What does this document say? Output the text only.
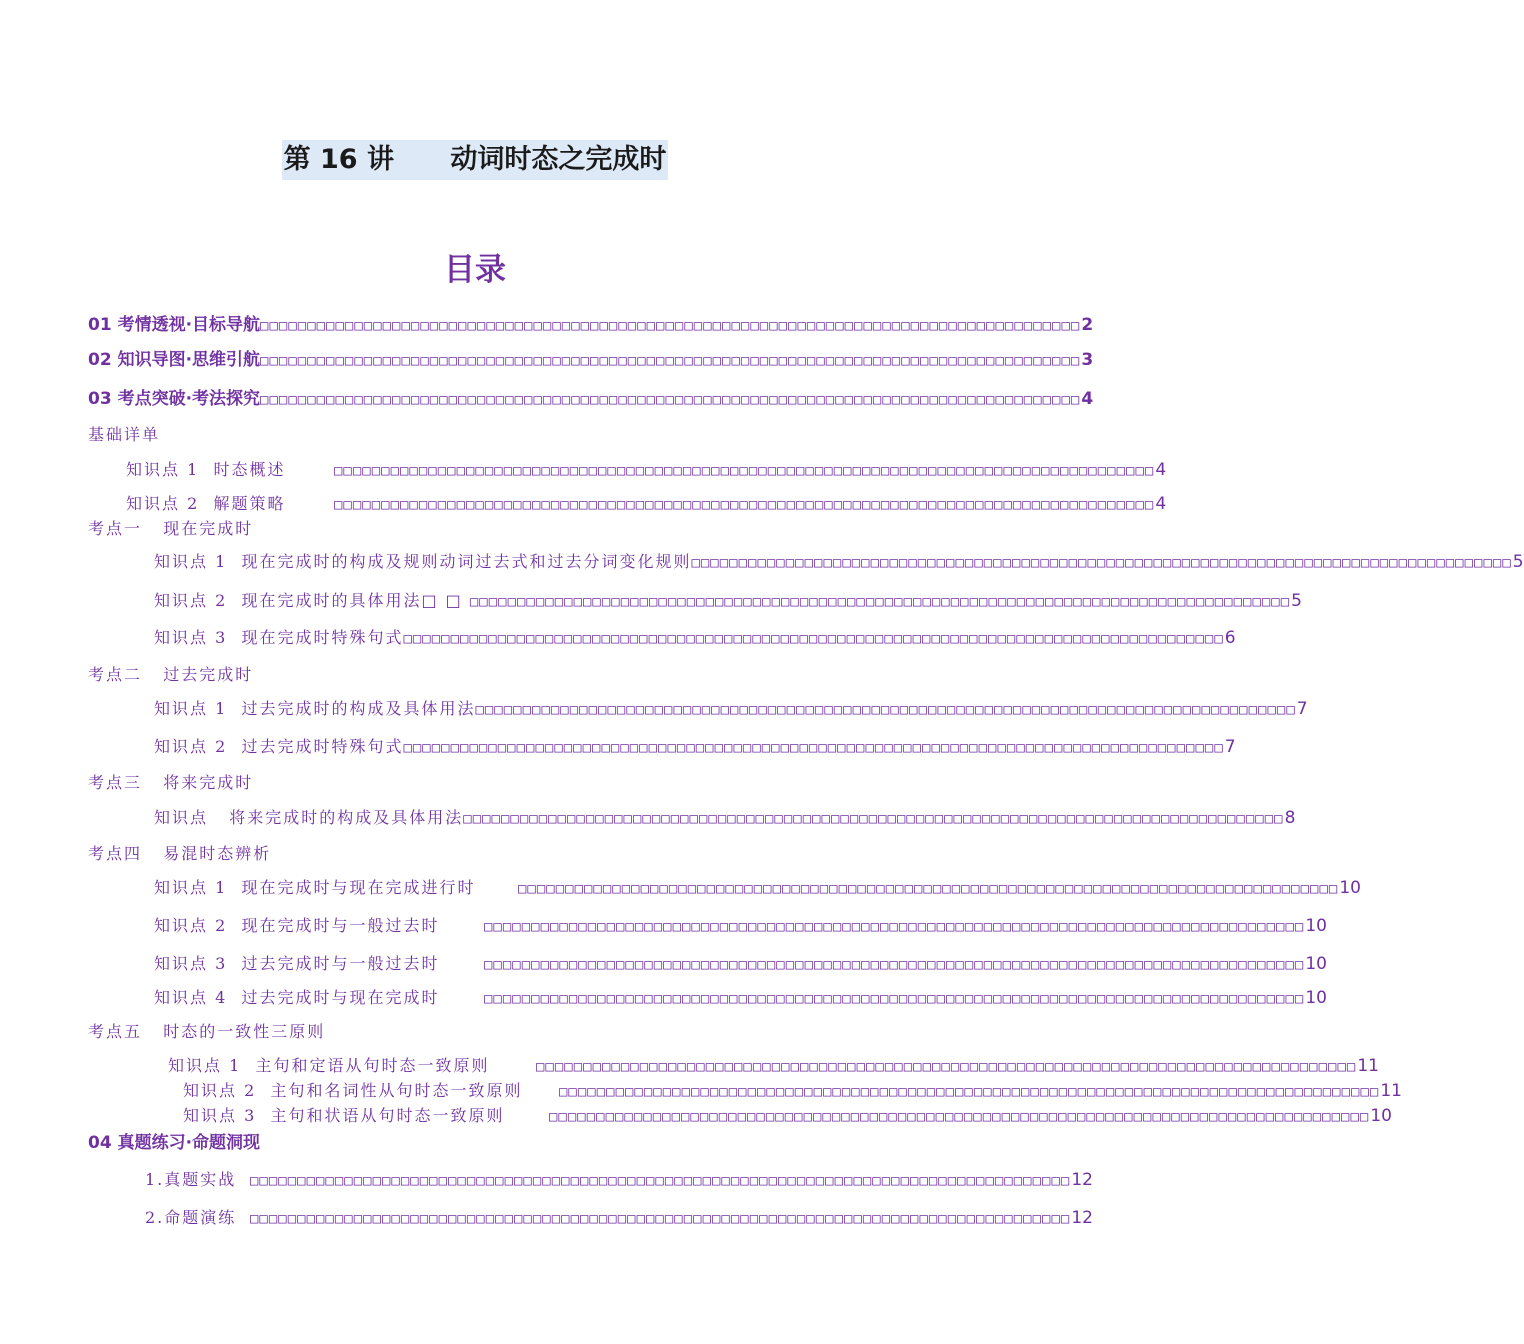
第 16 讲      动词时态之完成时
目录
01 考情透视·目标导航 □□□□□□□□□□□□□□□□□□□□□□□□□□□□□□□□□□□□□□□□□□□□□□□□□□□□□□□□□□□□□□□□□□□□□□□□□□□□□□□□□□□□□□□ 2
02 知识导图·思维引航 □□□□□□□□□□□□□□□□□□□□□□□□□□□□□□□□□□□□□□□□□□□□□□□□□□□□□□□□□□□□□□□□□□□□□□□□□□□□□□□□□□□□□□□ 3
03 考点突破·考法探究 □□□□□□□□□□□□□□□□□□□□□□□□□□□□□□□□□□□□□□□□□□□□□□□□□□□□□□□□□□□□□□□□□□□□□□□□□□□□□□□□□□□□□□□ 4
基础详单
知识点 1  时态概述	□□□□□□□□□□□□□□□□□□□□□□□□□□□□□□□□□□□□□□□□□□□□□□□□□□□□□□□□□□□□□□□□□□□□□□□□□□□□□□□□□□□□□□□ 4
知识点 2  解题策略	□□□□□□□□□□□□□□□□□□□□□□□□□□□□□□□□□□□□□□□□□□□□□□□□□□□□□□□□□□□□□□□□□□□□□□□□□□□□□□□□□□□□□□□ 4
考点一   现在完成时
知识点 1  现在完成时的构成及规则动词过去式和过去分词变化规则 □□□□□□□□□□□□□□□□□□□□□□□□□□□□□□□□□□□□□□□□□□□□□□□□□□□□□□□□□□□□□□□□□□□□□□□□□□□□□□□□□□□□□□□ 5
知识点 2  现在完成时的具体用法□ □ □□□□□□□□□□□□□□□□□□□□□□□□□□□□□□□□□□□□□□□□□□□□□□□□□□□□□□□□□□□□□□□□□□□□□□□□□□□□□□□□□□□□□□□ 5
知识点 3  现在完成时特殊句式 □□□□□□□□□□□□□□□□□□□□□□□□□□□□□□□□□□□□□□□□□□□□□□□□□□□□□□□□□□□□□□□□□□□□□□□□□□□□□□□□□□□□□□□ 6
考点二   过去完成时
知识点 1  过去完成时的构成及具体用法 □□□□□□□□□□□□□□□□□□□□□□□□□□□□□□□□□□□□□□□□□□□□□□□□□□□□□□□□□□□□□□□□□□□□□□□□□□□□□□□□□□□□□□□ 7
知识点 2  过去完成时特殊句式 □□□□□□□□□□□□□□□□□□□□□□□□□□□□□□□□□□□□□□□□□□□□□□□□□□□□□□□□□□□□□□□□□□□□□□□□□□□□□□□□□□□□□□□ 7
考点三   将来完成时
知识点   将来完成时的构成及具体用法 □□□□□□□□□□□□□□□□□□□□□□□□□□□□□□□□□□□□□□□□□□□□□□□□□□□□□□□□□□□□□□□□□□□□□□□□□□□□□□□□□□□□□□□ 8
考点四   易混时态辨析
知识点 1  现在完成时与现在完成进行时	□□□□□□□□□□□□□□□□□□□□□□□□□□□□□□□□□□□□□□□□□□□□□□□□□□□□□□□□□□□□□□□□□□□□□□□□□□□□□□□□□□□□□□□ 10
知识点 2  现在完成时与一般过去时	□□□□□□□□□□□□□□□□□□□□□□□□□□□□□□□□□□□□□□□□□□□□□□□□□□□□□□□□□□□□□□□□□□□□□□□□□□□□□□□□□□□□□□□ 10
知识点 3  过去完成时与一般过去时	□□□□□□□□□□□□□□□□□□□□□□□□□□□□□□□□□□□□□□□□□□□□□□□□□□□□□□□□□□□□□□□□□□□□□□□□□□□□□□□□□□□□□□□ 10
知识点 4  过去完成时与现在完成时	□□□□□□□□□□□□□□□□□□□□□□□□□□□□□□□□□□□□□□□□□□□□□□□□□□□□□□□□□□□□□□□□□□□□□□□□□□□□□□□□□□□□□□□ 10
考点五   时态的一致性三原则
知识点 1  主句和定语从句时态一致原则	□□□□□□□□□□□□□□□□□□□□□□□□□□□□□□□□□□□□□□□□□□□□□□□□□□□□□□□□□□□□□□□□□□□□□□□□□□□□□□□□□□□□□□□ 11
知识点 2  主句和名词性从句时态一致原则	□□□□□□□□□□□□□□□□□□□□□□□□□□□□□□□□□□□□□□□□□□□□□□□□□□□□□□□□□□□□□□□□□□□□□□□□□□□□□□□□□□□□□□□ 11
知识点 3  主句和状语从句时态一致原则	□□□□□□□□□□□□□□□□□□□□□□□□□□□□□□□□□□□□□□□□□□□□□□□□□□□□□□□□□□□□□□□□□□□□□□□□□□□□□□□□□□□□□□□ 10
04 真题练习·命题洞现
1.真题实战 □□□□□□□□□□□□□□□□□□□□□□□□□□□□□□□□□□□□□□□□□□□□□□□□□□□□□□□□□□□□□□□□□□□□□□□□□□□□□□□□□□□□□□□ 12
2.命题演练 □□□□□□□□□□□□□□□□□□□□□□□□□□□□□□□□□□□□□□□□□□□□□□□□□□□□□□□□□□□□□□□□□□□□□□□□□□□□□□□□□□□□□□□ 12
